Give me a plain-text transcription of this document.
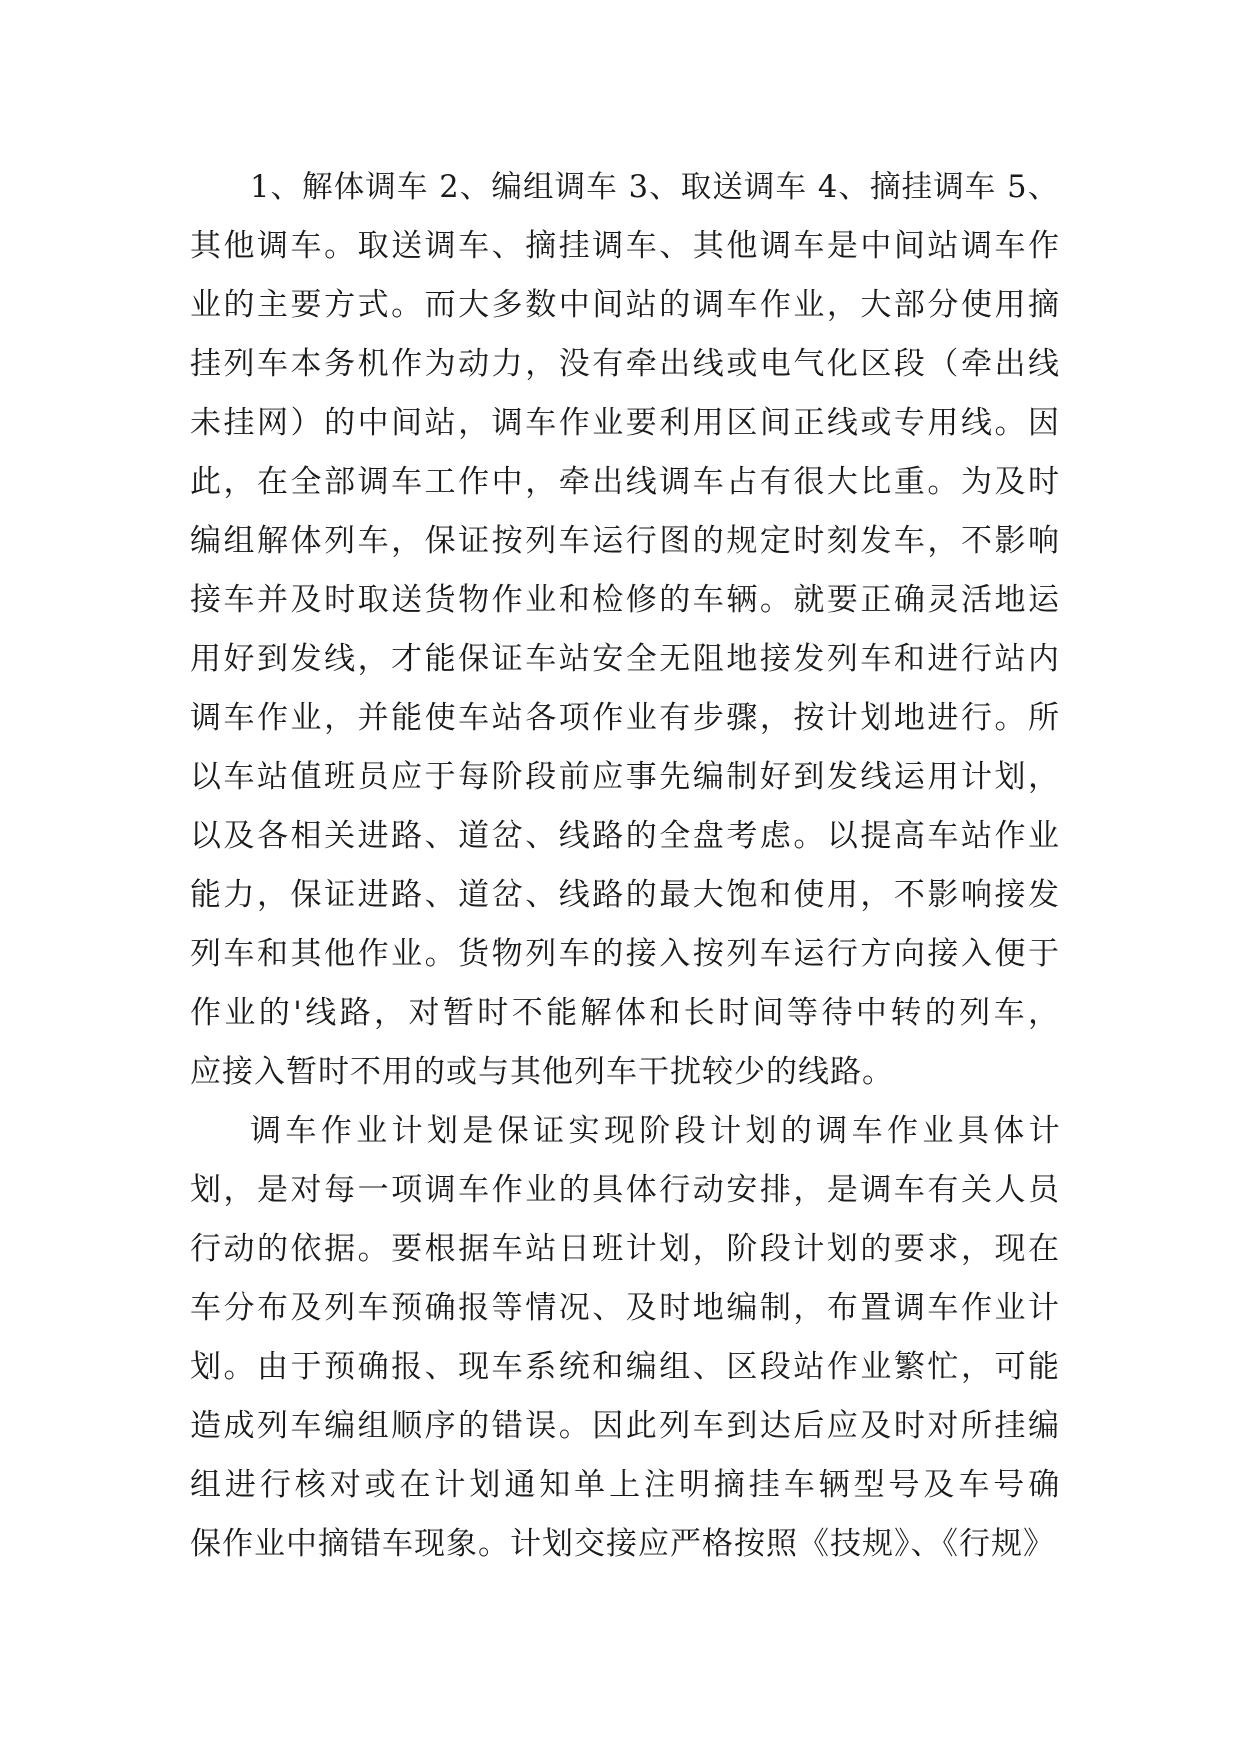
1、解体调车 2、编组调车 3、取送调车 4、摘挂调车 5、
其他调车。取送调车、摘挂调车、其他调车是中间站调车作
业的主要方式。而大多数中间站的调车作业，大部分使用摘
挂列车本务机作为动力，没有牵出线或电气化区段（牵出线
未挂网）的中间站，调车作业要利用区间正线或专用线。因
此，在全部调车工作中，牵出线调车占有很大比重。为及时
编组解体列车，保证按列车运行图的规定时刻发车，不影响
接车并及时取送货物作业和检修的车辆。就要正确灵活地运
用好到发线，才能保证车站安全无阻地接发列车和进行站内
调车作业，并能使车站各项作业有步骤，按计划地进行。所
以车站值班员应于每阶段前应事先编制好到发线运用计划，
以及各相关进路、道岔、线路的全盘考虑。以提高车站作业
能力，保证进路、道岔、线路的最大饱和使用，不影响接发
列车和其他作业。货物列车的接入按列车运行方向接入便于
作业的'线路，对暂时不能解体和长时间等待中转的列车，
应接入暂时不用的或与其他列车干扰较少的线路。
调车作业计划是保证实现阶段计划的调车作业具体计
划，是对每一项调车作业的具体行动安排，是调车有关人员
行动的依据。要根据车站日班计划，阶段计划的要求，现在
车分布及列车预确报等情况、及时地编制，布置调车作业计
划。由于预确报、现车系统和编组、区段站作业繁忙，可能
造成列车编组顺序的错误。因此列车到达后应及时对所挂编
组进行核对或在计划通知单上注明摘挂车辆型号及车号确
保作业中摘错车现象。计划交接应严格按照《技规》、《行规》
